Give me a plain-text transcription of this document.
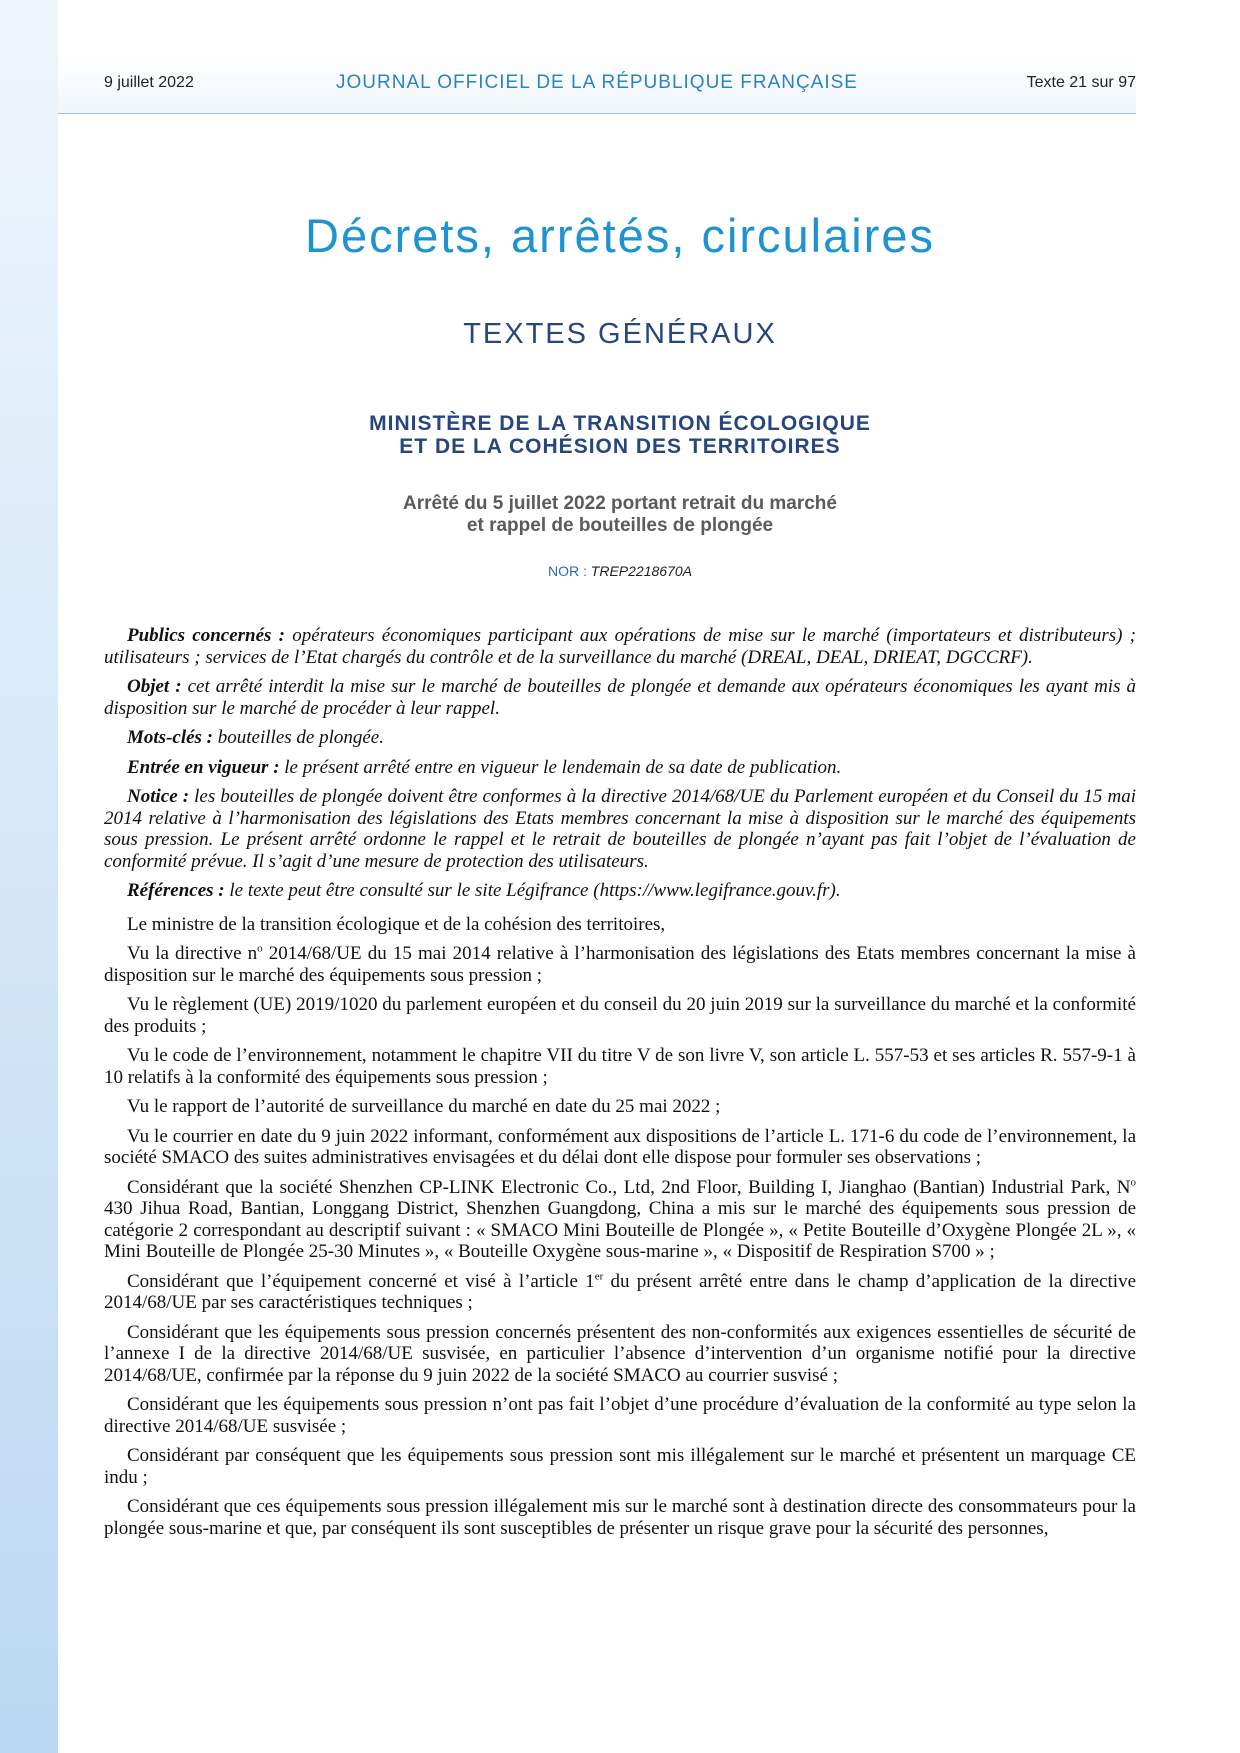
9 juillet 2022	JOURNAL OFFICIEL DE LA RÉPUBLIQUE FRANÇAISE	Texte 21 sur 97
Décrets, arrêtés, circulaires
TEXTES GÉNÉRAUX
MINISTÈRE DE LA TRANSITION ÉCOLOGIQUE
ET DE LA COHÉSION DES TERRITOIRES
Arrêté du 5 juillet 2022 portant retrait du marché
et rappel de bouteilles de plongée
NOR : TREP2218670A

Publics concernés : opérateurs économiques participant aux opérations de mise sur le marché (importateurs et distributeurs) ; utilisateurs ; services de l’Etat chargés du contrôle et de la surveillance du marché (DREAL, DEAL, DRIEAT, DGCCRF).

Objet : cet arrêté interdit la mise sur le marché de bouteilles de plongée et demande aux opérateurs économiques les ayant mis à disposition sur le marché de procéder à leur rappel.

Mots-clés : bouteilles de plongée.

Entrée en vigueur : le présent arrêté entre en vigueur le lendemain de sa date de publication.

Notice : les bouteilles de plongée doivent être conformes à la directive 2014/68/UE du Parlement européen et du Conseil du 15 mai 2014 relative à l’harmonisation des législations des Etats membres concernant la mise à disposition sur le marché des équipements sous pression. Le présent arrêté ordonne le rappel et le retrait de bouteilles de plongée n’ayant pas fait l’objet de l’évaluation de conformité prévue. Il s’agit d’une mesure de protection des utilisateurs.

Références : le texte peut être consulté sur le site Légifrance (https://www.legifrance.gouv.fr).

Le ministre de la transition écologique et de la cohésion des territoires,

Vu la directive $n^o$ 2014/68/UE du 15 mai 2014 relative à l’harmonisation des législations des Etats membres concernant la mise à disposition sur le marché des équipements sous pression ;

Vu le règlement (UE) 2019/1020 du parlement européen et du conseil du 20 juin 2019 sur la surveillance du marché et la conformité des produits ;

Vu le code de l’environnement, notamment le chapitre VII du titre V de son livre V, son article L. 557-53 et ses articles R. 557-9-1 à 10 relatifs à la conformité des équipements sous pression ;

Vu le rapport de l’autorité de surveillance du marché en date du 25 mai 2022 ;

Vu le courrier en date du 9 juin 2022 informant, conformément aux dispositions de l’article L. 171-6 du code de l’environnement, la société SMACO des suites administratives envisagées et du délai dont elle dispose pour formuler ses observations ;

Considérant que la société Shenzhen CP-LINK Electronic Co., Ltd, 2nd Floor, Building I, Jianghao (Bantian) Industrial Park, $N^o$ 430 Jihua Road, Bantian, Longgang District, Shenzhen Guangdong, China a mis sur le marché des équipements sous pression de catégorie 2 correspondant au descriptif suivant : « SMACO Mini Bouteille de Plongée », « Petite Bouteille d’Oxygène Plongée 2L », « Mini Bouteille de Plongée 25-30 Minutes », « Bouteille Oxygène sous-marine », « Dispositif de Respiration S700 » ;

Considérant que l’équipement concerné et visé à l’article 1er du présent arrêté entre dans le champ d’application de la directive 2014/68/UE par ses caractéristiques techniques ;

Considérant que les équipements sous pression concernés présentent des non-conformités aux exigences essentielles de sécurité de l’annexe I de la directive 2014/68/UE susvisée, en particulier l’absence d’intervention d’un organisme notifié pour la directive 2014/68/UE, confirmée par la réponse du 9 juin 2022 de la société SMACO au courrier susvisé ;

Considérant que les équipements sous pression n’ont pas fait l’objet d’une procédure d’évaluation de la conformité au type selon la directive 2014/68/UE susvisée ;

Considérant par conséquent que les équipements sous pression sont mis illégalement sur le marché et présentent un marquage CE indu ;

Considérant que ces équipements sous pression illégalement mis sur le marché sont à destination directe des consommateurs pour la plongée sous-marine et que, par conséquent ils sont susceptibles de présenter un risque grave pour la sécurité des personnes,
